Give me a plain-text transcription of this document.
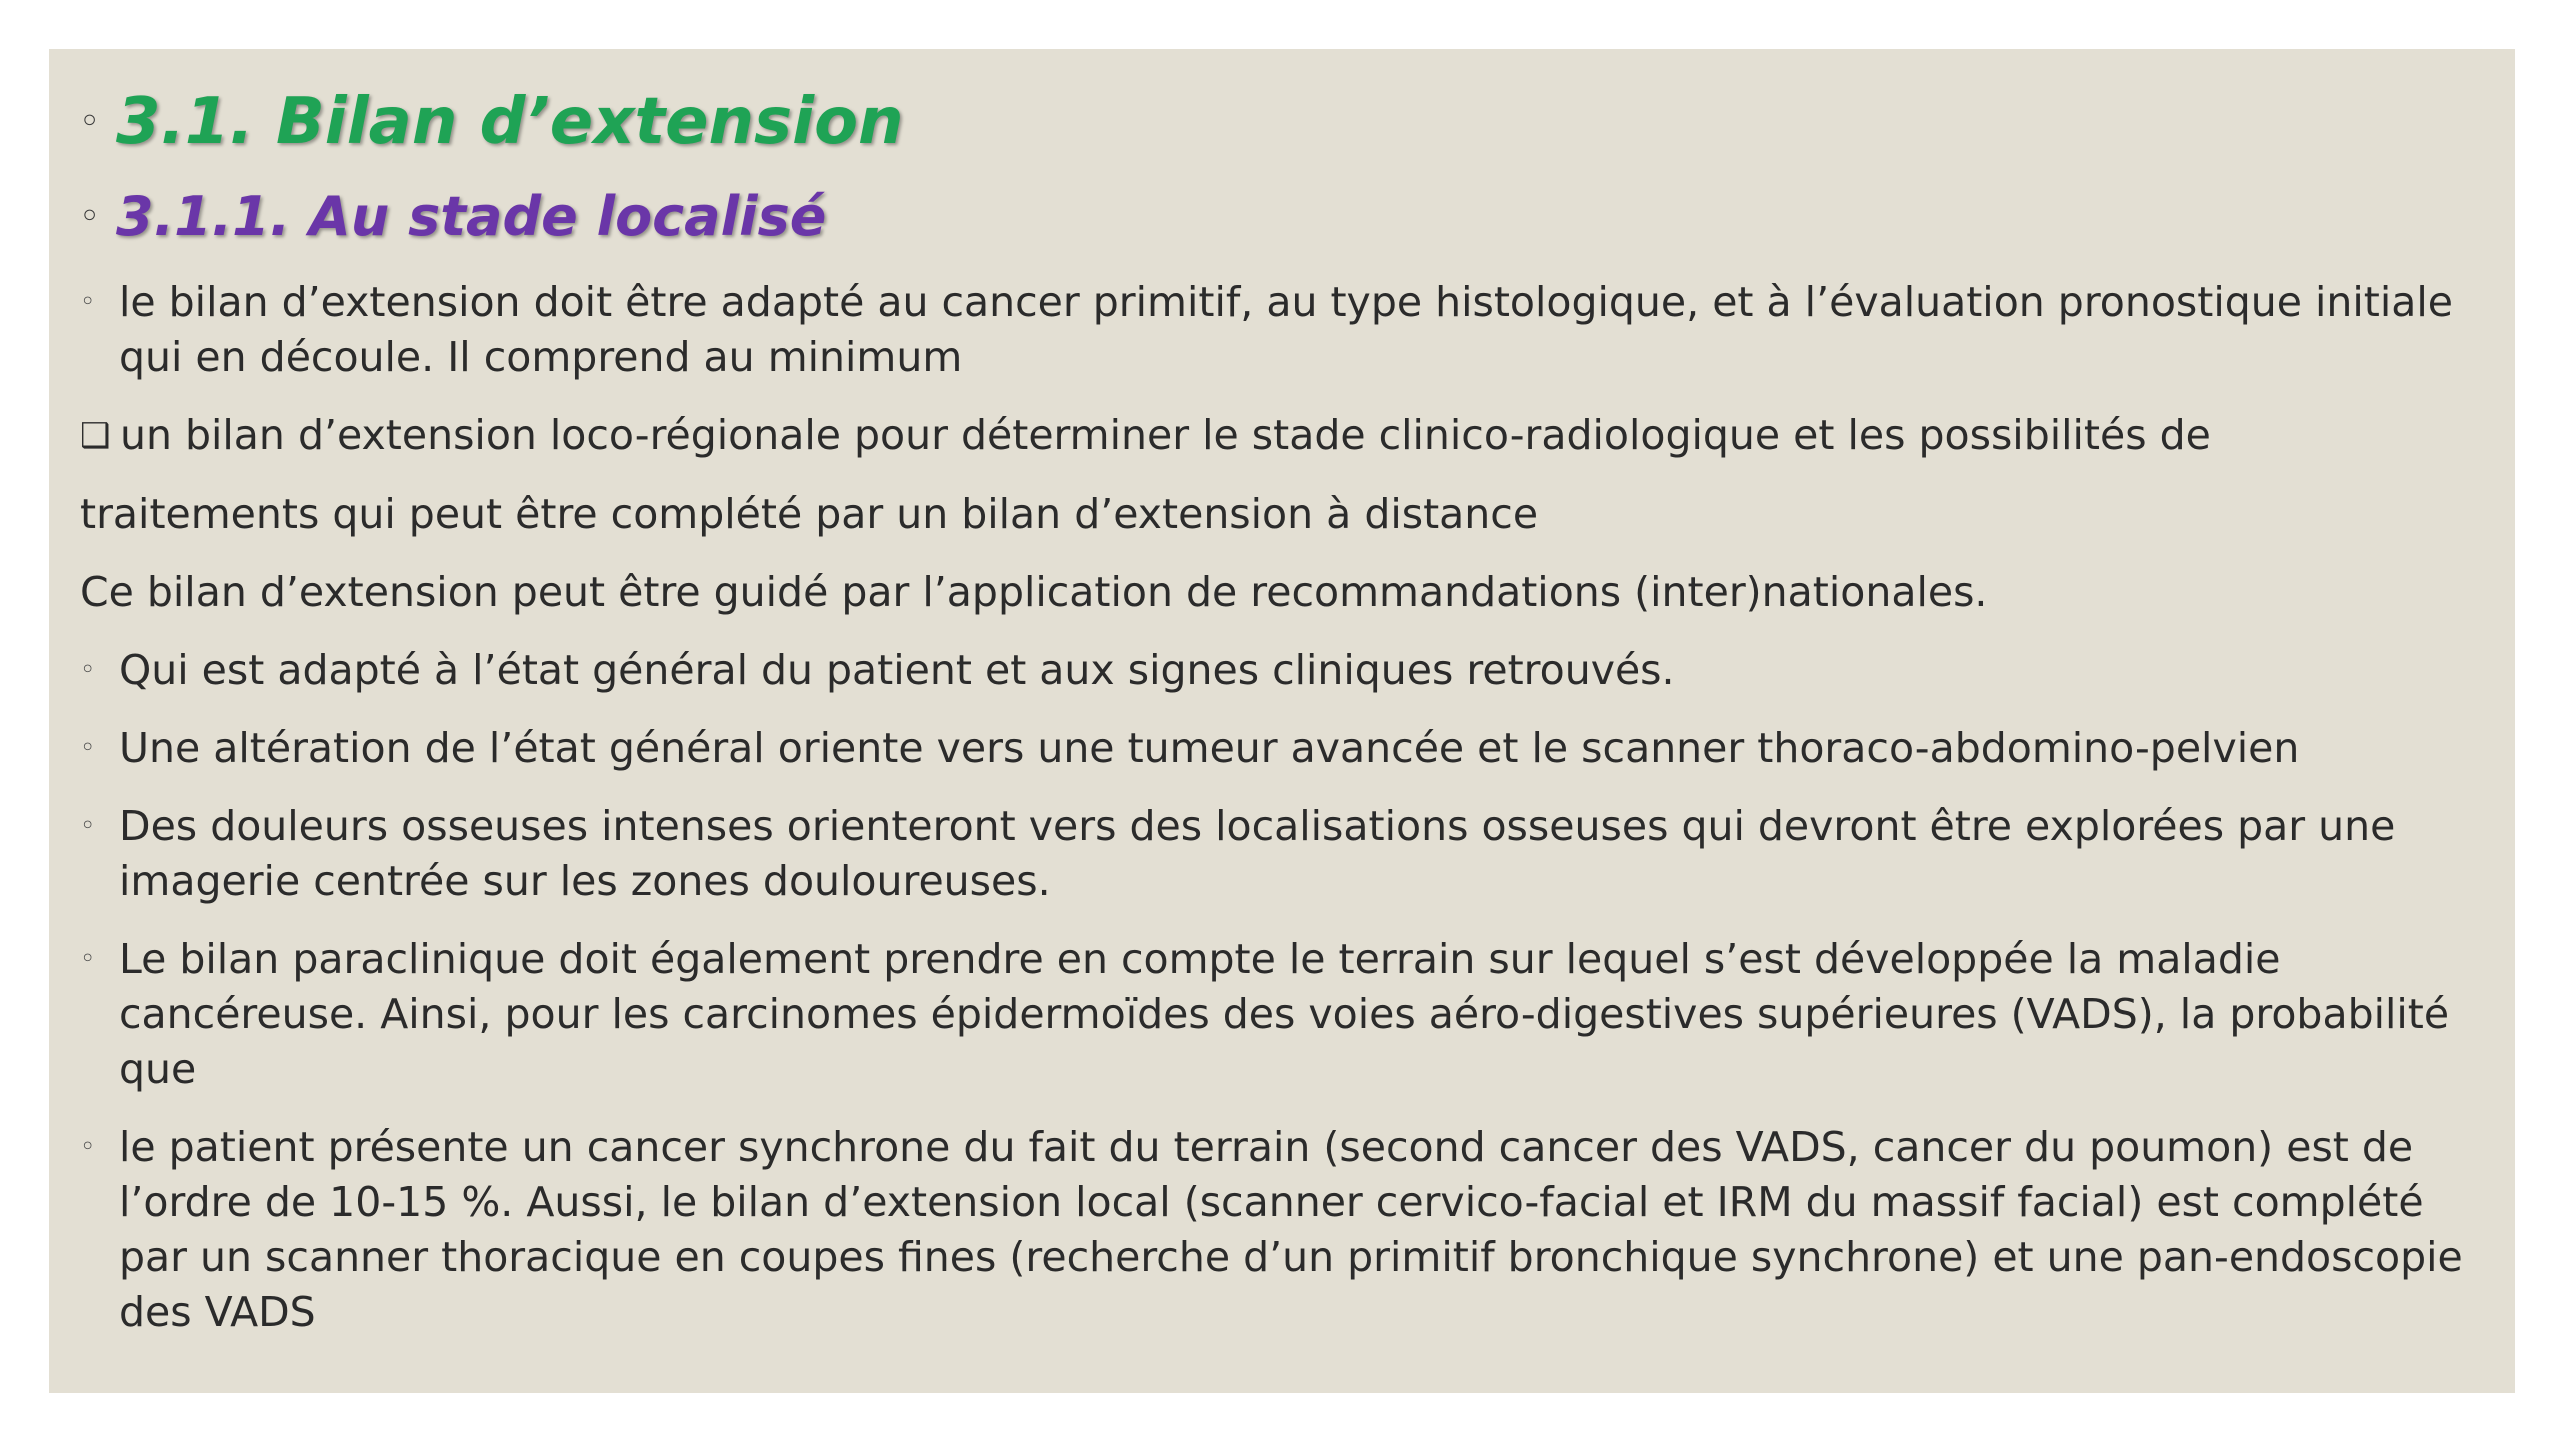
◦ 3.1. Bilan d’extension
◦ 3.1.1. Au stade localisé
◦ le bilan d’extension doit être adapté au cancer primitif, au type histologique, et à l’évaluation pronostique initiale qui en découle. Il comprend au minimum
❑ un bilan d’extension loco-régionale pour déterminer le stade clinico-radiologique et les possibilités de
traitements qui peut être complété par un bilan d’extension à distance
Ce bilan d’extension peut être guidé par l’application de recommandations (inter)nationales.
◦ Qui est adapté à l’état général du patient et aux signes cliniques retrouvés.
◦ Une altération de l’état général oriente vers une tumeur avancée et le scanner thoraco-abdomino-pelvien
◦ Des douleurs osseuses intenses orienteront vers des localisations osseuses qui devront être explorées par une imagerie centrée sur les zones douloureuses.
◦ Le bilan paraclinique doit également prendre en compte le terrain sur lequel s’est développée la maladie cancéreuse. Ainsi, pour les carcinomes épidermoïdes des voies aéro-digestives supérieures (VADS), la probabilité que
◦ le patient présente un cancer synchrone du fait du terrain (second cancer des VADS, cancer du poumon) est de l’ordre de 10-15 %. Aussi, le bilan d’extension local (scanner cervico-facial et IRM du massif facial) est complété par un scanner thoracique en coupes fines (recherche d’un primitif bronchique synchrone) et une pan-endoscopie des VADS
